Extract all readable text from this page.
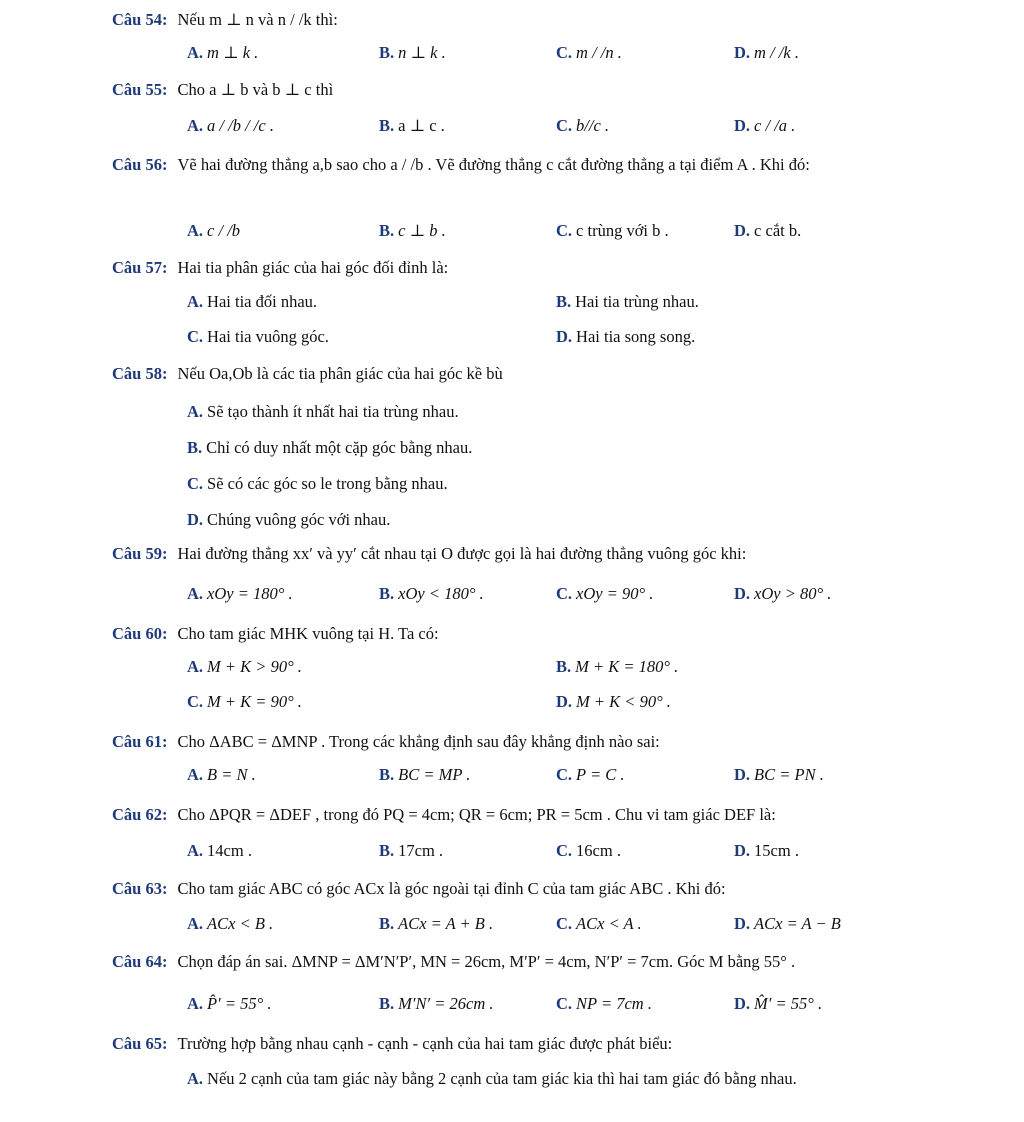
Câu 54: Nếu m ⊥ n và n / /k thì:
A. m ⊥ k .	B. n ⊥ k .	C. m / /n .	D. m / /k .
Câu 55: Cho a ⊥ b và b ⊥ c thì
A. a / /b / /c .	B. a ⊥ c .	C. b//c .	D. c / /a .
Câu 56: Vẽ hai đường thẳng a,b sao cho a / /b . Vẽ đường thẳng c cắt đường thẳng a tại điểm A . Khi đó:
A. c / /b	B. c ⊥ b .	C. c trùng với b .	D. c cắt b.
Câu 57: Hai tia phân giác của hai góc đối đỉnh là:
A. Hai tia đối nhau.	B. Hai tia trùng nhau.
C. Hai tia vuông góc.	D. Hai tia song song.
Câu 58: Nếu Oa,Ob là các tia phân giác của hai góc kề bù
A. Sẽ tạo thành ít nhất hai tia trùng nhau.
B. Chỉ có duy nhất một cặp góc bằng nhau.
C. Sẽ có các góc so le trong bằng nhau.
D. Chúng vuông góc với nhau.
Câu 59: Hai đường thẳng xx′ và yy′ cắt nhau tại O được gọi là hai đường thẳng vuông góc khi:
A. xOy = 180° .	B. xOy < 180° .	C. xOy = 90° .	D. xOy > 80° .
Câu 60: Cho tam giác MHK vuông tại H. Ta có:
A. M + K > 90° .	B. M + K = 180° .
C. M + K = 90° .	D. M + K < 90° .
Câu 61: Cho ΔABC = ΔMNP . Trong các khẳng định sau đây khẳng định nào sai:
A. B = N .	B. BC = MP .	C. P = C .	D. BC = PN .
Câu 62: Cho ΔPQR = ΔDEF , trong đó PQ = 4cm; QR = 6cm; PR = 5cm . Chu vi tam giác DEF là:
A. 14cm .	B. 17cm .	C. 16cm .	D. 15cm .
Câu 63: Cho tam giác ABC có góc ACx là góc ngoài tại đỉnh C của tam giác ABC . Khi đó:
A. ACx < B .	B. ACx = A + B .	C. ACx < A .	D. ACx = A − B
Câu 64: Chọn đáp án sai. ΔMNP = ΔM′N′P′, MN = 26cm, M′P′ = 4cm, N′P′ = 7cm. Góc M bằng 55° .
A. P̂′ = 55° .	B. M′N′ = 26cm .	C. NP = 7cm .	D. M̂′ = 55° .
Câu 65: Trường hợp bằng nhau cạnh - cạnh - cạnh của hai tam giác được phát biểu:
A. Nếu 2 cạnh của tam giác này bằng 2 cạnh của tam giác kia thì hai tam giác đó bằng nhau.
